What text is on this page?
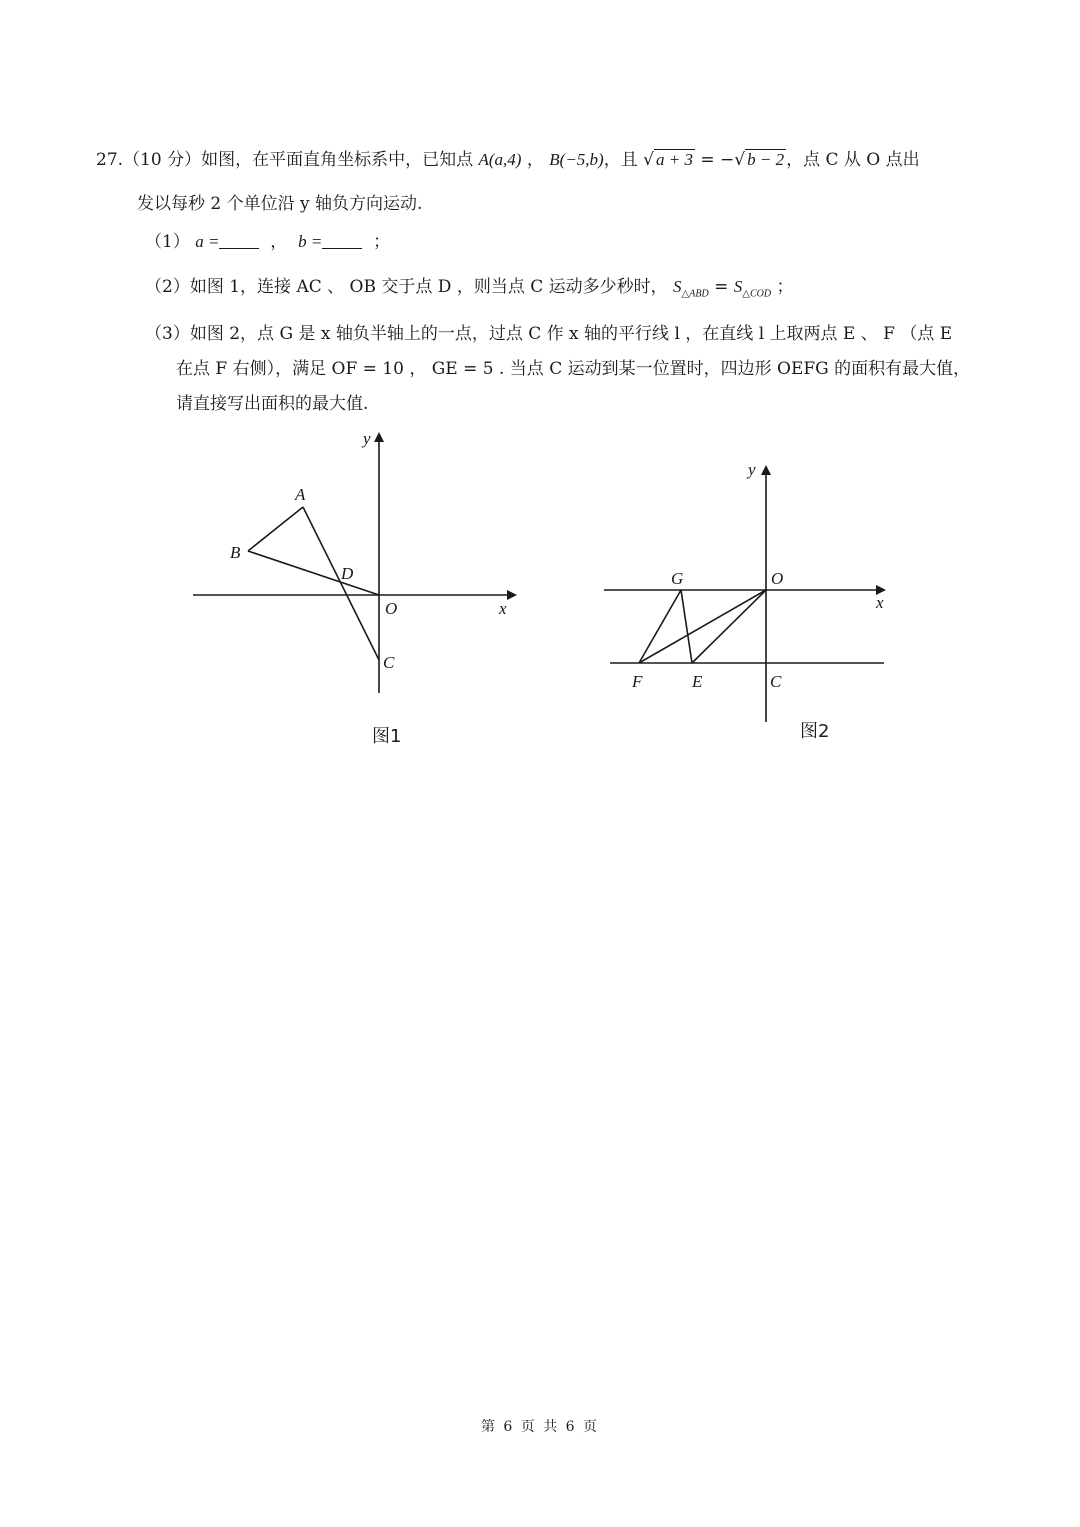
27.（10 分）如图，在平面直角坐标系中，已知点 A(a,4) ， B(−5,b)，且 √ a + 3 = −√ b − 2 ，点 C 从 O 点出
发以每秒 2 个单位沿 y 轴负方向运动.
（1） a =  ，  b =  ；
（2）如图 1，连接 AC 、 OB 交于点 D ，则当点 C 运动多少秒时， $S_{\triangle ABD} = S_{\triangle COD}$ ；
（3）如图 2，点 G 是 x 轴负半轴上的一点，过点 C 作 x 轴的平行线 l ，在直线 l 上取两点 E 、 F （点 E
在点 F 右侧），满足 OF = 10 ， GE = 5 . 当点 C 运动到某一位置时，四边形 OEFG 的面积有最大值，
请直接写出面积的最大值.
y
x
A
B
D
O
C
图1
y
x
G	O
F	E	C
图2
第 6 页 共 6 页
